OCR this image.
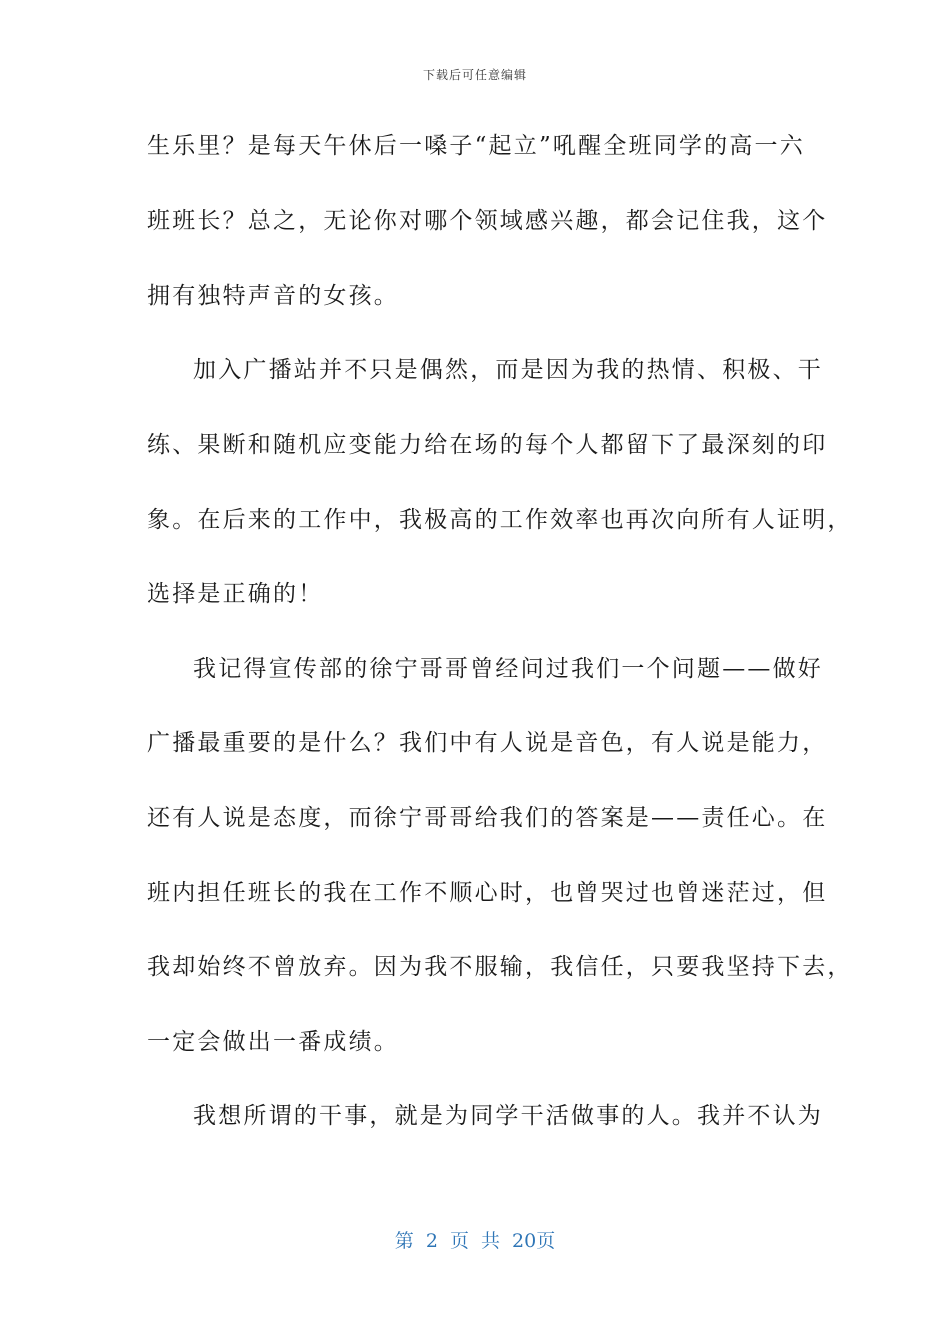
下载后可任意编辑
生乐里？是每天午休后一嗓子“起立”吼醒全班同学的高一六
班班长？总之，无论你对哪个领域感兴趣，都会记住我，这个
拥有独特声音的女孩。
加入广播站并不只是偶然，而是因为我的热情、积极、干
练、果断和随机应变能力给在场的每个人都留下了最深刻的印
象。在后来的工作中，我极高的工作效率也再次向所有人证明，
选择是正确的！
我记得宣传部的徐宁哥哥曾经问过我们一个问题——做好
广播最重要的是什么？我们中有人说是音色，有人说是能力，
还有人说是态度，而徐宁哥哥给我们的答案是——责任心。在
班内担任班长的我在工作不顺心时，也曾哭过也曾迷茫过，但
我却始终不曾放弃。因为我不服输，我信任，只要我坚持下去，
一定会做出一番成绩。
我想所谓的干事，就是为同学干活做事的人。我并不认为
第 2 页 共 20页
